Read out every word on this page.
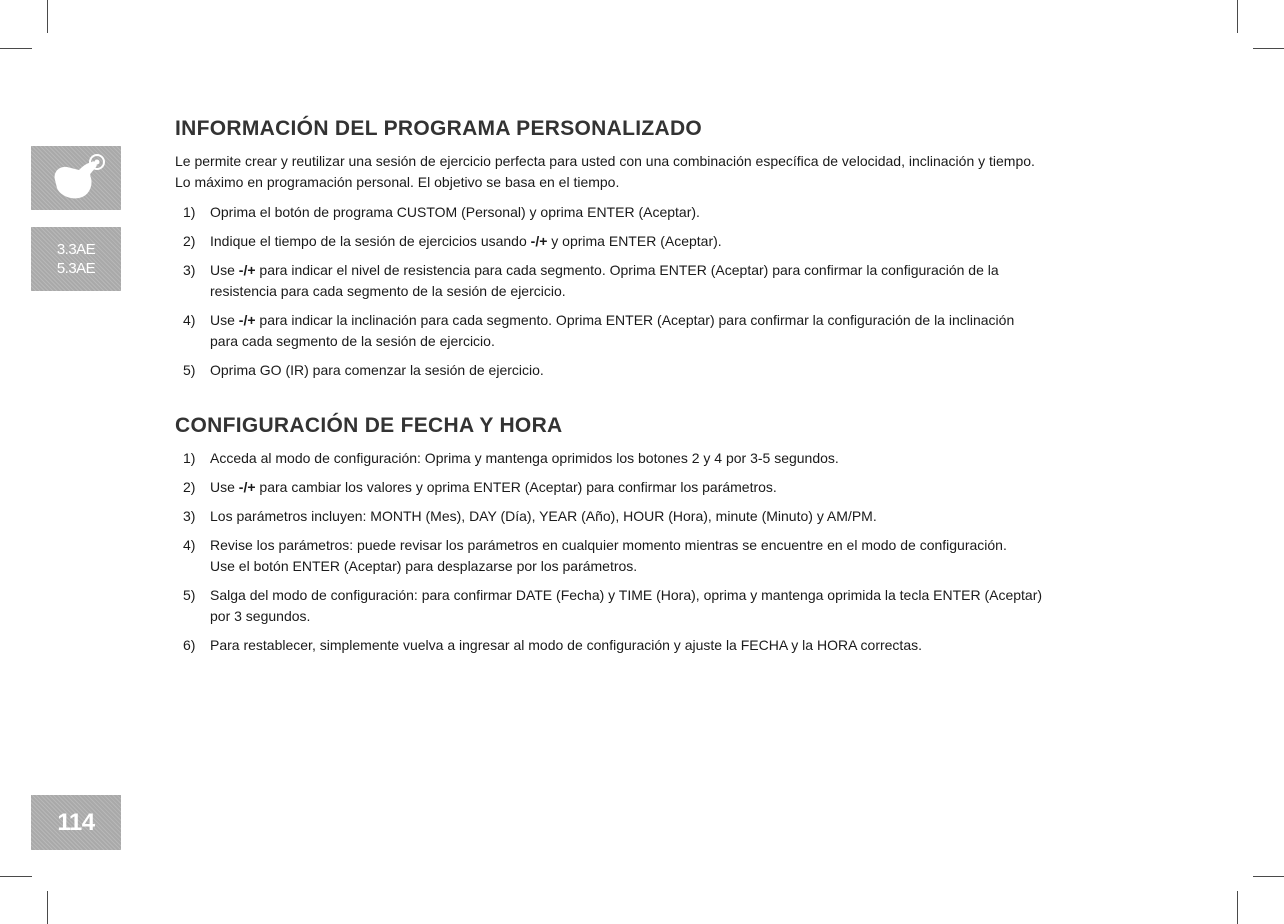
3.3AE
5.3AE
114
INFORMACIÓN DEL PROGRAMA PERSONALIZADO

Le permite crear y reutilizar una sesión de ejercicio perfecta para usted con una combinación específica de velocidad, inclinación y tiempo.

Lo máximo en programación personal. El objetivo se basa en el tiempo.

1) Oprima el botón de programa CUSTOM (Personal) y oprima ENTER (Aceptar).
2) Indique el tiempo de la sesión de ejercicios usando -/+ y oprima ENTER (Aceptar).
3) Use -/+ para indicar el nivel de resistencia para cada segmento. Oprima ENTER (Aceptar) para confirmar la configuración de la
resistencia para cada segmento de la sesión de ejercicio.
4) Use -/+ para indicar la inclinación para cada segmento. Oprima ENTER (Aceptar) para confirmar la configuración de la inclinación
para cada segmento de la sesión de ejercicio.
5) Oprima GO (IR) para comenzar la sesión de ejercicio.
CONFIGURACIÓN DE FECHA Y HORA
1) Acceda al modo de configuración: Oprima y mantenga oprimidos los botones 2 y 4 por 3-5 segundos.
2) Use -/+ para cambiar los valores y oprima ENTER (Aceptar) para confirmar los parámetros.
3) Los parámetros incluyen: MONTH (Mes), DAY (Día), YEAR (Año), HOUR (Hora), minute (Minuto) y AM/PM.
4) Revise los parámetros: puede revisar los parámetros en cualquier momento mientras se encuentre en el modo de configuración.
Use el botón ENTER (Aceptar) para desplazarse por los parámetros.
5) Salga del modo de configuración: para confirmar DATE (Fecha) y TIME (Hora), oprima y mantenga oprimida la tecla ENTER (Aceptar)
por 3 segundos.
6) Para restablecer, simplemente vuelva a ingresar al modo de configuración y ajuste la FECHA y la HORA correctas.
